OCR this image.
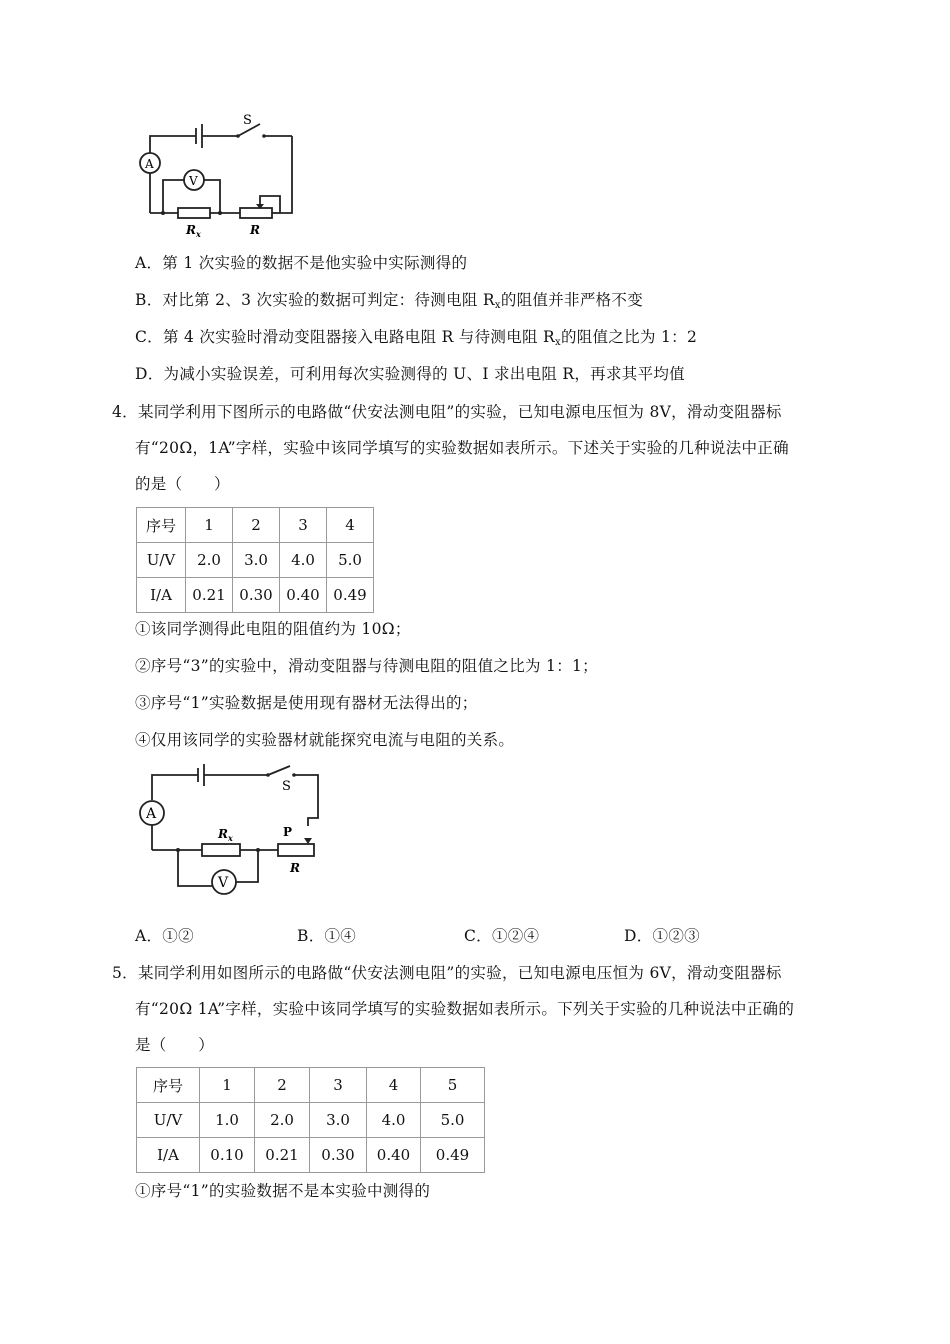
S
A
V
$R_x$	R
A．第 1 次实验的数据不是他实验中实际测得的
B．对比第 2、3 次实验的数据可判定：待测电阻 $R_x$的阻值并非严格不变
C．第 4 次实验时滑动变阻器接入电路电阻 R 与待测电阻 $R_x$的阻值之比为 1：2
D．为减小实验误差，可利用每次实验测得的 U、I 求出电阻 R，再求其平均值
4．某同学利用下图所示的电路做“伏安法测电阻”的实验，已知电源电压恒为 8V，滑动变阻器标
有“20Ω，1A”字样，实验中该同学填写的实验数据如表所示。下述关于实验的几种说法中正确
的是（　　）
序号	1	2	3	4
U/V	2.0	3.0	4.0	5.0
I/A	0.21	0.30	0.40	0.49
①该同学测得此电阻的阻值约为 10Ω；
②序号“3”的实验中，滑动变阻器与待测电阻的阻值之比为 1：1；
③序号“1”实验数据是使用现有器材无法得出的；
④仅用该同学的实验器材就能探究电流与电阻的关系。
S
A
V
$R_x$	P
R
A．①②	B．①④	C．①②④	D．①②③
5．某同学利用如图所示的电路做“伏安法测电阻”的实验，已知电源电压恒为 6V，滑动变阻器标
有“20Ω 1A”字样，实验中该同学填写的实验数据如表所示。下列关于实验的几种说法中正确的
是（　　）
序号	1	2	3	4	5
U/V	1.0	2.0	3.0	4.0	5.0
I/A	0.10	0.21	0.30	0.40	0.49
①序号“1”的实验数据不是本实验中测得的
